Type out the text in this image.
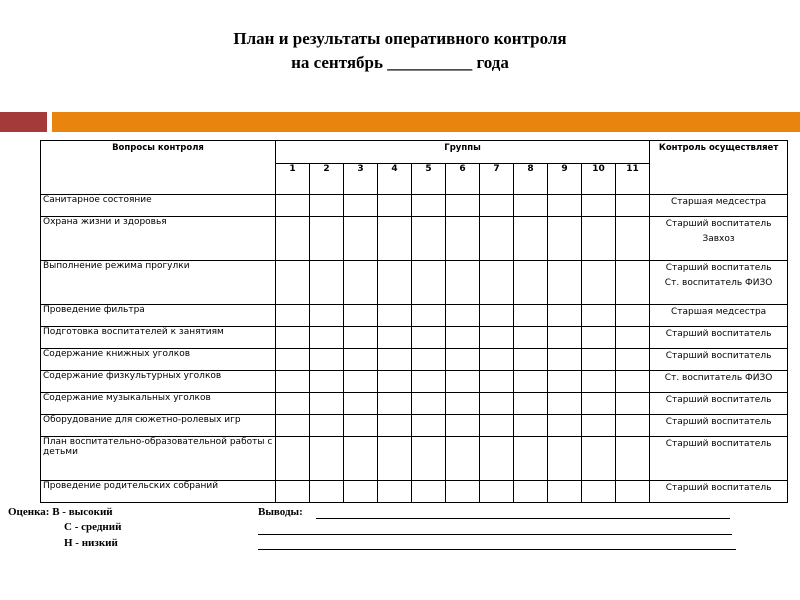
План и результаты оперативного контроля
на сентябрь __________ года
Вопросы контроля	Группы											Контроль осуществляет
	1	2	3	4	5	6	7	8	9	10	11	
Санитарное состояние												Старшая медсестра

Охрана жизни и здоровья												Старший воспитатель
Завхоз

Выполнение режима прогулки												Старший воспитатель
Ст. воспитатель ФИЗО

Проведение фильтра												Старшая медсестра

Подготовка воспитателей к занятиям												Старший воспитатель

Содержание книжных уголков												Старший воспитатель

Содержание физкультурных уголков												Ст. воспитатель ФИЗО

Содержание музыкальных уголков												Старший воспитатель

Оборудование для сюжетно-ролевых игр												Старший воспитатель

План воспитательно-образовательной работы с детьми												Старший воспитатель

Проведение родительских собраний												Старший воспитатель
Оценка: В - высокий
С - средний
Н - низкий
Выводы:
